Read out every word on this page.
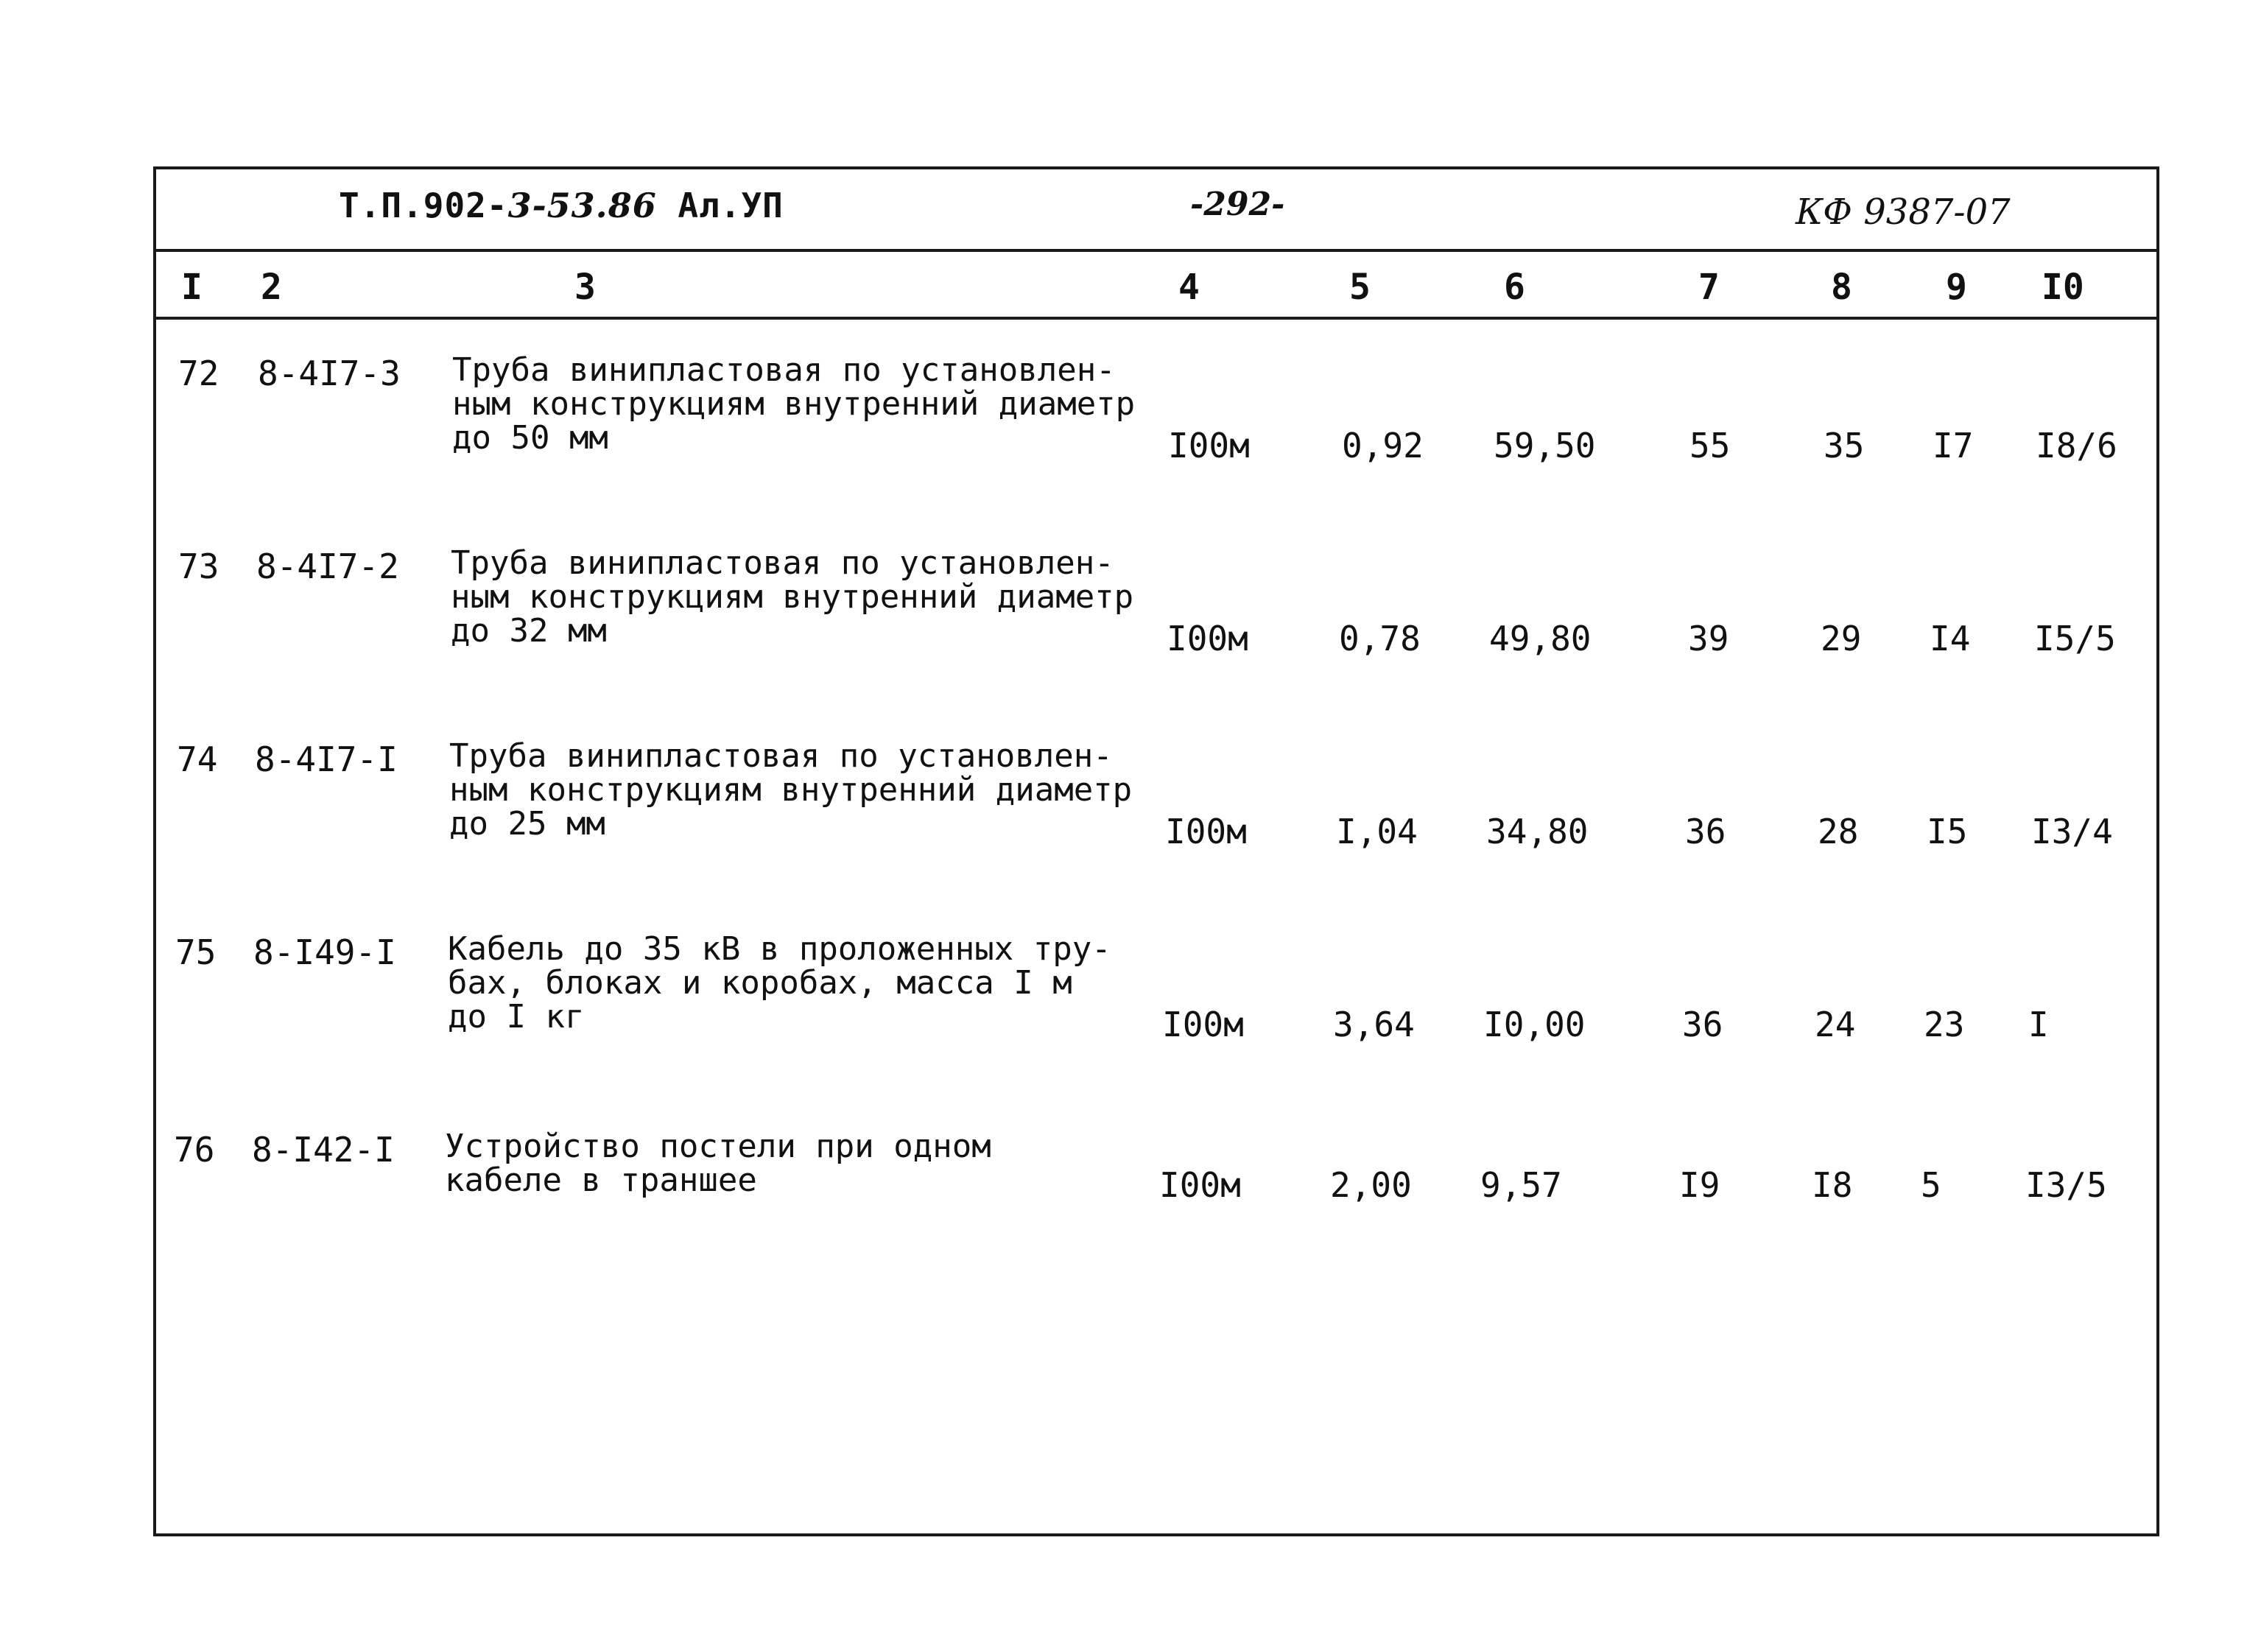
Т.П.902-3-53.86 Ал.УП	-292-	КФ 9387-07
I 2	3	4	5	6	7	8	9 I0
72 8-4I7-3 Труба винипластовая по установлен-
ным конструкциям внутренний диаметр
до 50 мм	I00м	0,92 59,50	55	35 I7 I8/6
73 8-4I7-2 Труба винипластовая по установлен-
ным конструкциям внутренний диаметр
до 32 мм	I00м	0,78 49,80	39	29 I4 I5/5
74 8-4I7-I Труба винипластовая по установлен-
ным конструкциям внутренний диаметр
до 25 мм	I00м	I,04 34,80	36	28 I5 I3/4
75 8-I49-I Кабель до 35 кВ в проложенных тру-
бах, блоках и коробах, масса I м
до I кг	I00м	3,64 I0,00	36	24 23 I
76 8-I42-I Устройство постели при одном
кабеле в траншее	I00м	2,00 9,57	I9	I8 5 I3/5
